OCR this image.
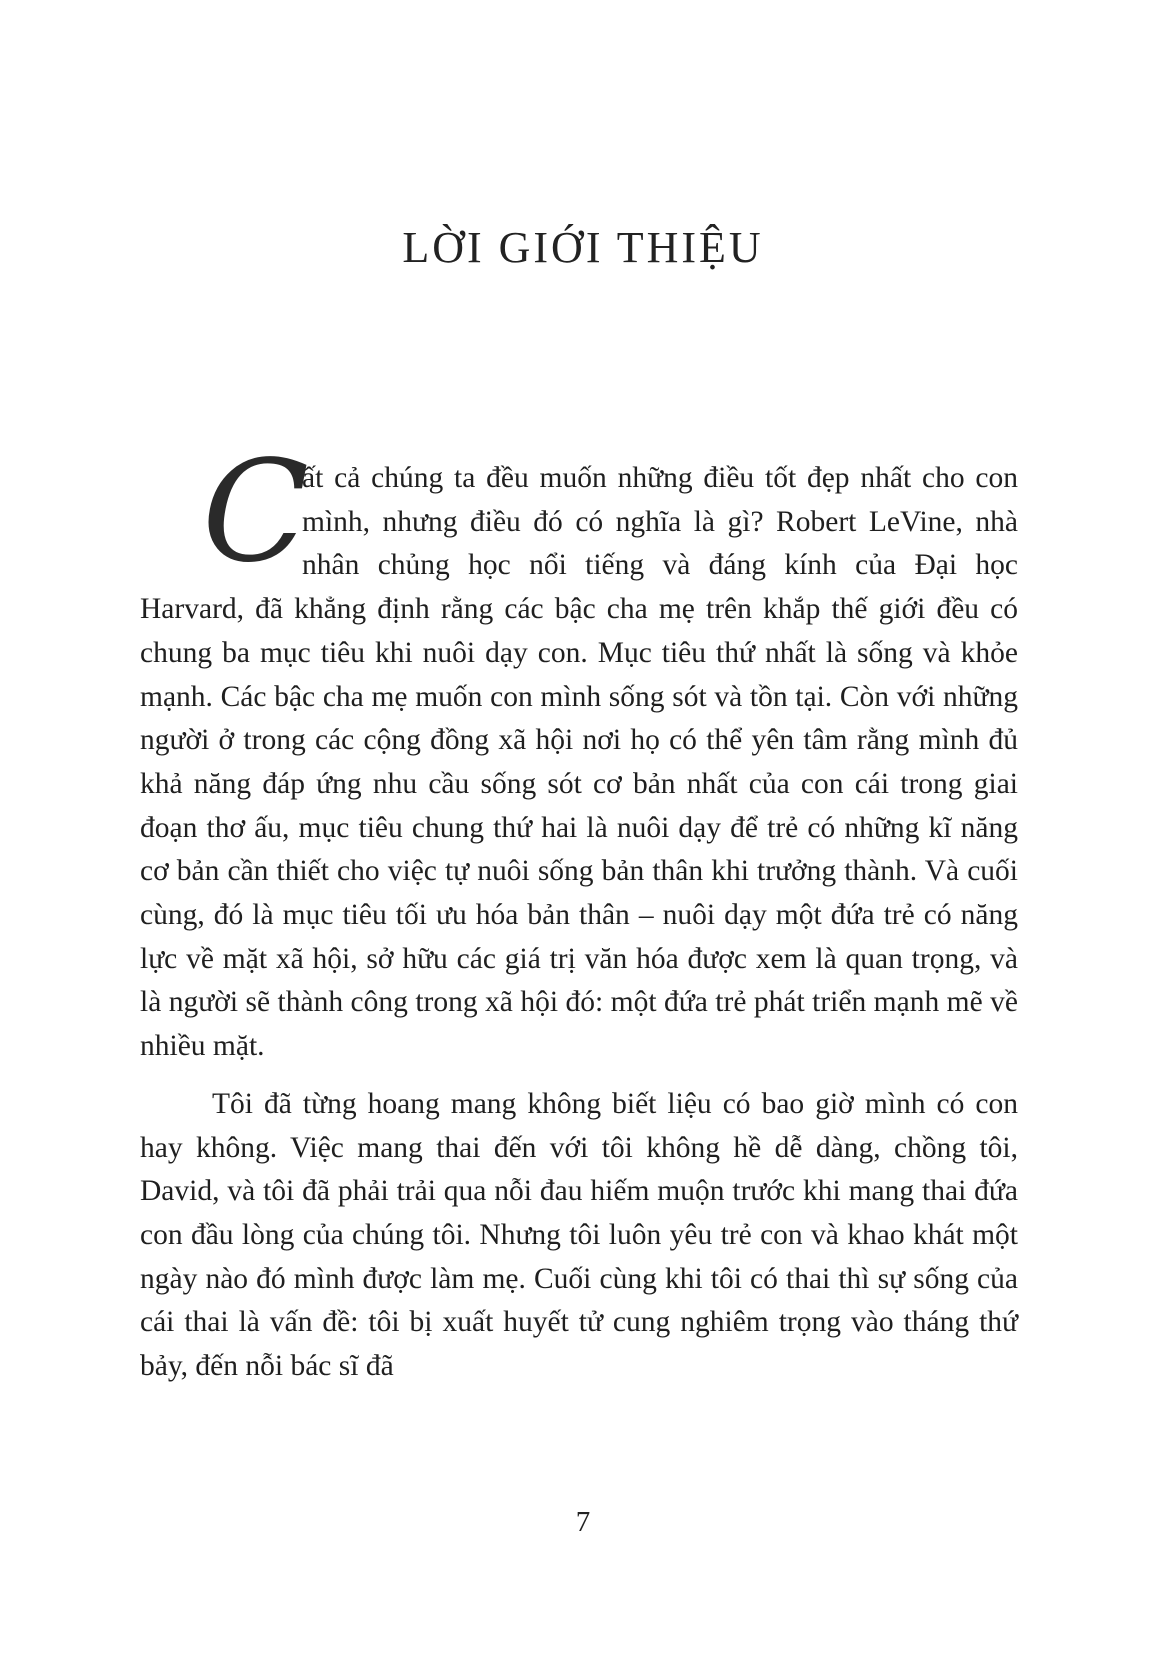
LỜI GIỚI THIỆU

C
ất cả chúng ta đều muốn những điều tốt đẹp nhất cho con mình, nhưng điều đó có nghĩa là gì? Robert LeVine, nhà nhân chủng học nổi tiếng và đáng kính của Đại học Harvard, đã khẳng định rằng các bậc cha mẹ trên khắp thế giới đều có chung ba mục tiêu khi nuôi dạy con. Mục tiêu thứ nhất là sống và khỏe mạnh. Các bậc cha mẹ muốn con mình sống sót và tồn tại. Còn với những người ở trong các cộng đồng xã hội nơi họ có thể yên tâm rằng mình đủ khả năng đáp ứng nhu cầu sống sót cơ bản nhất của con cái trong giai đoạn thơ ấu, mục tiêu chung thứ hai là nuôi dạy để trẻ có những kĩ năng cơ bản cần thiết cho việc tự nuôi sống bản thân khi trưởng thành. Và cuối cùng, đó là mục tiêu tối ưu hóa bản thân – nuôi dạy một đứa trẻ có năng lực về mặt xã hội, sở hữu các giá trị văn hóa được xem là quan trọng, và là người sẽ thành công trong xã hội đó: một đứa trẻ phát triển mạnh mẽ về nhiều mặt.

Tôi đã từng hoang mang không biết liệu có bao giờ mình có con hay không. Việc mang thai đến với tôi không hề dễ dàng, chồng tôi, David, và tôi đã phải trải qua nỗi đau hiếm muộn trước khi mang thai đứa con đầu lòng của chúng tôi. Nhưng tôi luôn yêu trẻ con và khao khát một ngày nào đó mình được làm mẹ. Cuối cùng khi tôi có thai thì sự sống của cái thai là vấn đề: tôi bị xuất huyết tử cung nghiêm trọng vào tháng thứ bảy, đến nỗi bác sĩ đã

7
